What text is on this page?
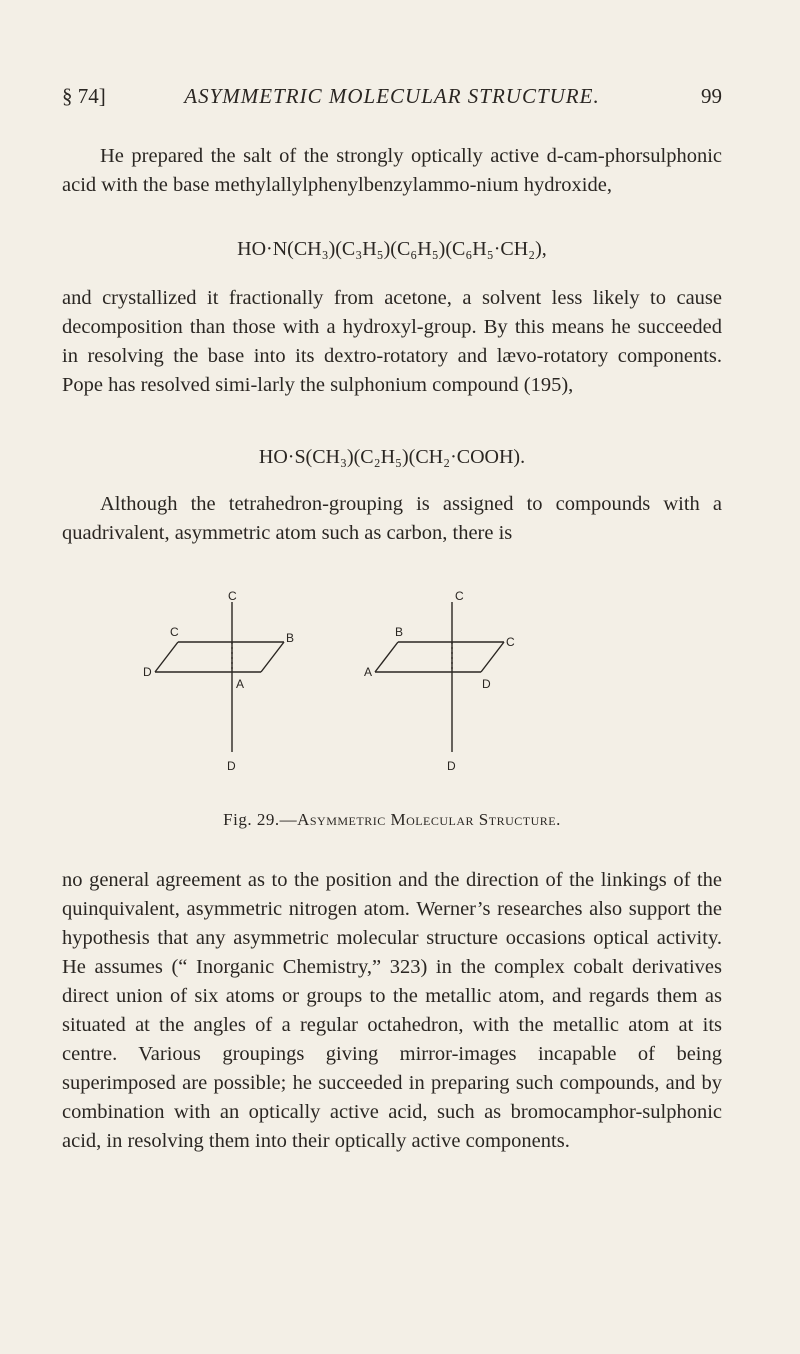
§ 74]	ASYMMETRIC MOLECULAR STRUCTURE.	99

He prepared the salt of the strongly optically active d-cam-phorsulphonic acid with the base methylallylphenylbenzylammo-nium hydroxide,

HO·N(CH₃)(C₃H₅)(C₆H₅)(C₆H₅·CH₂),

and crystallized it fractionally from acetone, a solvent less likely to cause decomposition than those with a hydroxyl-group. By this means he succeeded in resolving the base into its dextro-rotatory and lævo-rotatory components. Pope has resolved simi-larly the sulphonium compound (195),

HO·S(CH₃)(C₂H₅)(CH₂·COOH).

Although the tetrahedron-grouping is assigned to compounds with a quadrivalent, asymmetric atom such as carbon, there is

C
C	B
D
A
D
C
B
C
A
D
D
Fig. 29.—Asymmetric Molecular Structure.

no general agreement as to the position and the direction of the linkings of the quinquivalent, asymmetric nitrogen atom. Werner’s researches also support the hypothesis that any asymmetric molecular structure occasions optical activity. He assumes (“ Inorganic Chemistry,” 323) in the complex cobalt derivatives direct union of six atoms or groups to the metallic atom, and regards them as situated at the angles of a regular octahedron, with the metallic atom at its centre. Various groupings giving mirror-images incapable of being superimposed are possible; he succeeded in preparing such compounds, and by combination with an optically active acid, such as bromocamphor-sulphonic acid, in resolving them into their optically active components.
